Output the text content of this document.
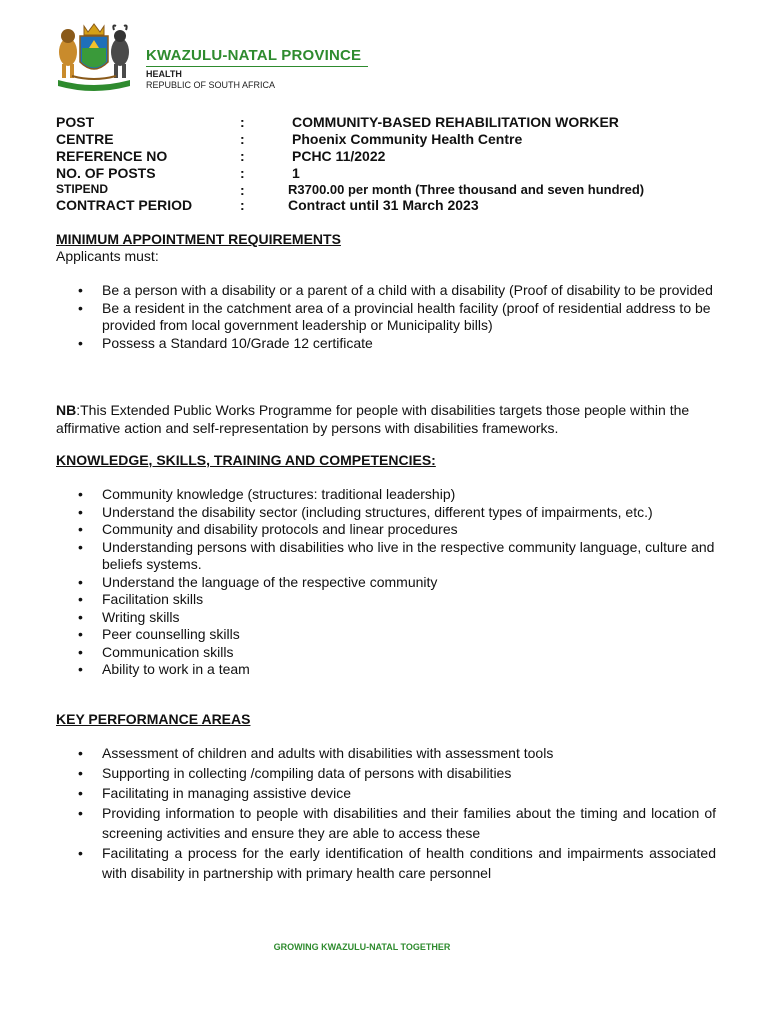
KWAZULU-NATAL PROVINCE
HEALTH
REPUBLIC OF SOUTH AFRICA
POST	:	COMMUNITY-BASED REHABILITATION WORKER
CENTRE	:	Phoenix Community Health Centre
REFERENCE NO	:	PCHC 11/2022
NO. OF POSTS	:	1
STIPEND	:	R3700.00 per month (Three thousand and seven hundred)
CONTRACT PERIOD	:	Contract until 31 March 2023
MINIMUM APPOINTMENT REQUIREMENTS
Applicants must:
• Be a person with a disability or a parent of a child with a disability (Proof of disability to be provided
• Be a resident in the catchment area of a provincial health facility (proof of residential address to be provided from local government leadership or Municipality bills)
• Possess a Standard 10/Grade 12 certificate
NB:This Extended Public Works Programme for people with disabilities targets those people within the affirmative action and self-representation by persons with disabilities frameworks.
KNOWLEDGE, SKILLS, TRAINING AND COMPETENCIES:
• Community knowledge (structures: traditional leadership)
• Understand the disability sector (including structures, different types of impairments, etc.)
• Community and disability protocols and linear procedures
• Understanding persons with disabilities who live in the respective community language, culture and beliefs systems.
• Understand the language of the respective community
• Facilitation skills
• Writing skills
• Peer counselling skills
• Communication skills
• Ability to work in a team
KEY PERFORMANCE AREAS
• Assessment of children and adults with disabilities with assessment tools
• Supporting in collecting /compiling data of persons with disabilities
• Facilitating in managing assistive device
• Providing information to people with disabilities and their families about the timing and location of screening activities and ensure they are able to access these
• Facilitating a process for the early identification of health conditions and impairments associated with disability in partnership with primary health care personnel
GROWING KWAZULU-NATAL TOGETHER
